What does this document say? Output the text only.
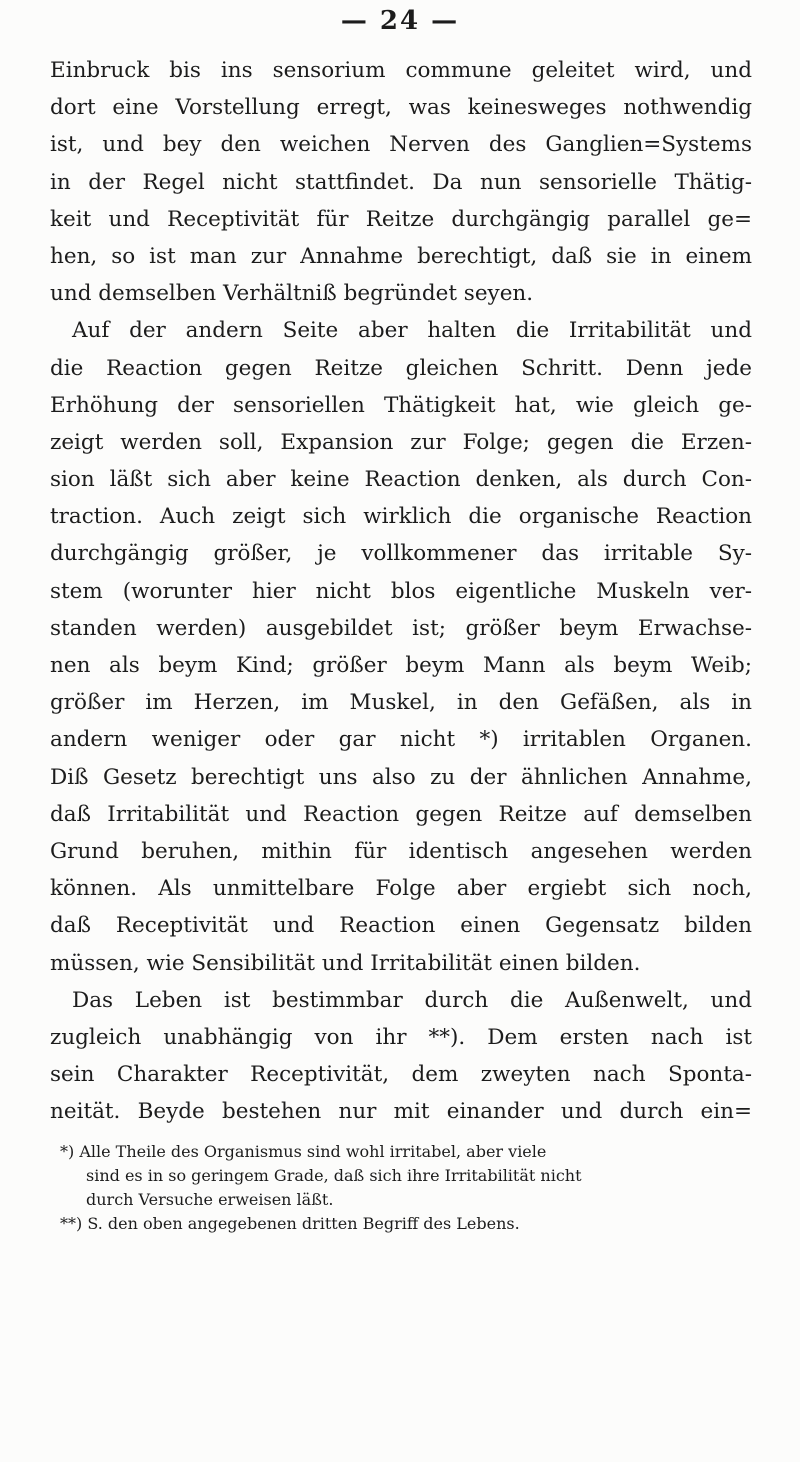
— 24 —
Einbruck bis ins sensorium commune geleitet wird, und
dort eine Vorstellung erregt, was keinesweges nothwendig
ist, und bey den weichen Nerven des Ganglien=Systems
in der Regel nicht stattfindet. Da nun sensorielle Thätig-
keit und Receptivität für Reitze durchgängig parallel ge=
hen, so ist man zur Annahme berechtigt, daß sie in einem
und demselben Verhältniß begründet seyen.
Auf der andern Seite aber halten die Irritabilität und
die Reaction gegen Reitze gleichen Schritt. Denn jede
Erhöhung der sensoriellen Thätigkeit hat, wie gleich ge-
zeigt werden soll, Expansion zur Folge; gegen die Erzen-
sion läßt sich aber keine Reaction denken, als durch Con-
traction. Auch zeigt sich wirklich die organische Reaction
durchgängig größer, je vollkommener das irritable Sy-
stem (worunter hier nicht blos eigentliche Muskeln ver-
standen werden) ausgebildet ist; größer beym Erwachse-
nen als beym Kind; größer beym Mann als beym Weib;
größer im Herzen, im Muskel, in den Gefäßen, als in
andern weniger oder gar nicht *) irritablen Organen.
Diß Gesetz berechtigt uns also zu der ähnlichen Annahme,
daß Irritabilität und Reaction gegen Reitze auf demselben
Grund beruhen, mithin für identisch angesehen werden
können. Als unmittelbare Folge aber ergiebt sich noch,
daß Receptivität und Reaction einen Gegensatz bilden
müssen, wie Sensibilität und Irritabilität einen bilden.
Das Leben ist bestimmbar durch die Außenwelt, und
zugleich unabhängig von ihr **). Dem ersten nach ist
sein Charakter Receptivität, dem zweyten nach Sponta-
neität. Beyde bestehen nur mit einander und durch ein=
*) Alle Theile des Organismus sind wohl irritabel, aber viele
sind es in so geringem Grade, daß sich ihre Irritabilität nicht
durch Versuche erweisen läßt.
**) S. den oben angegebenen dritten Begriff des Lebens.
